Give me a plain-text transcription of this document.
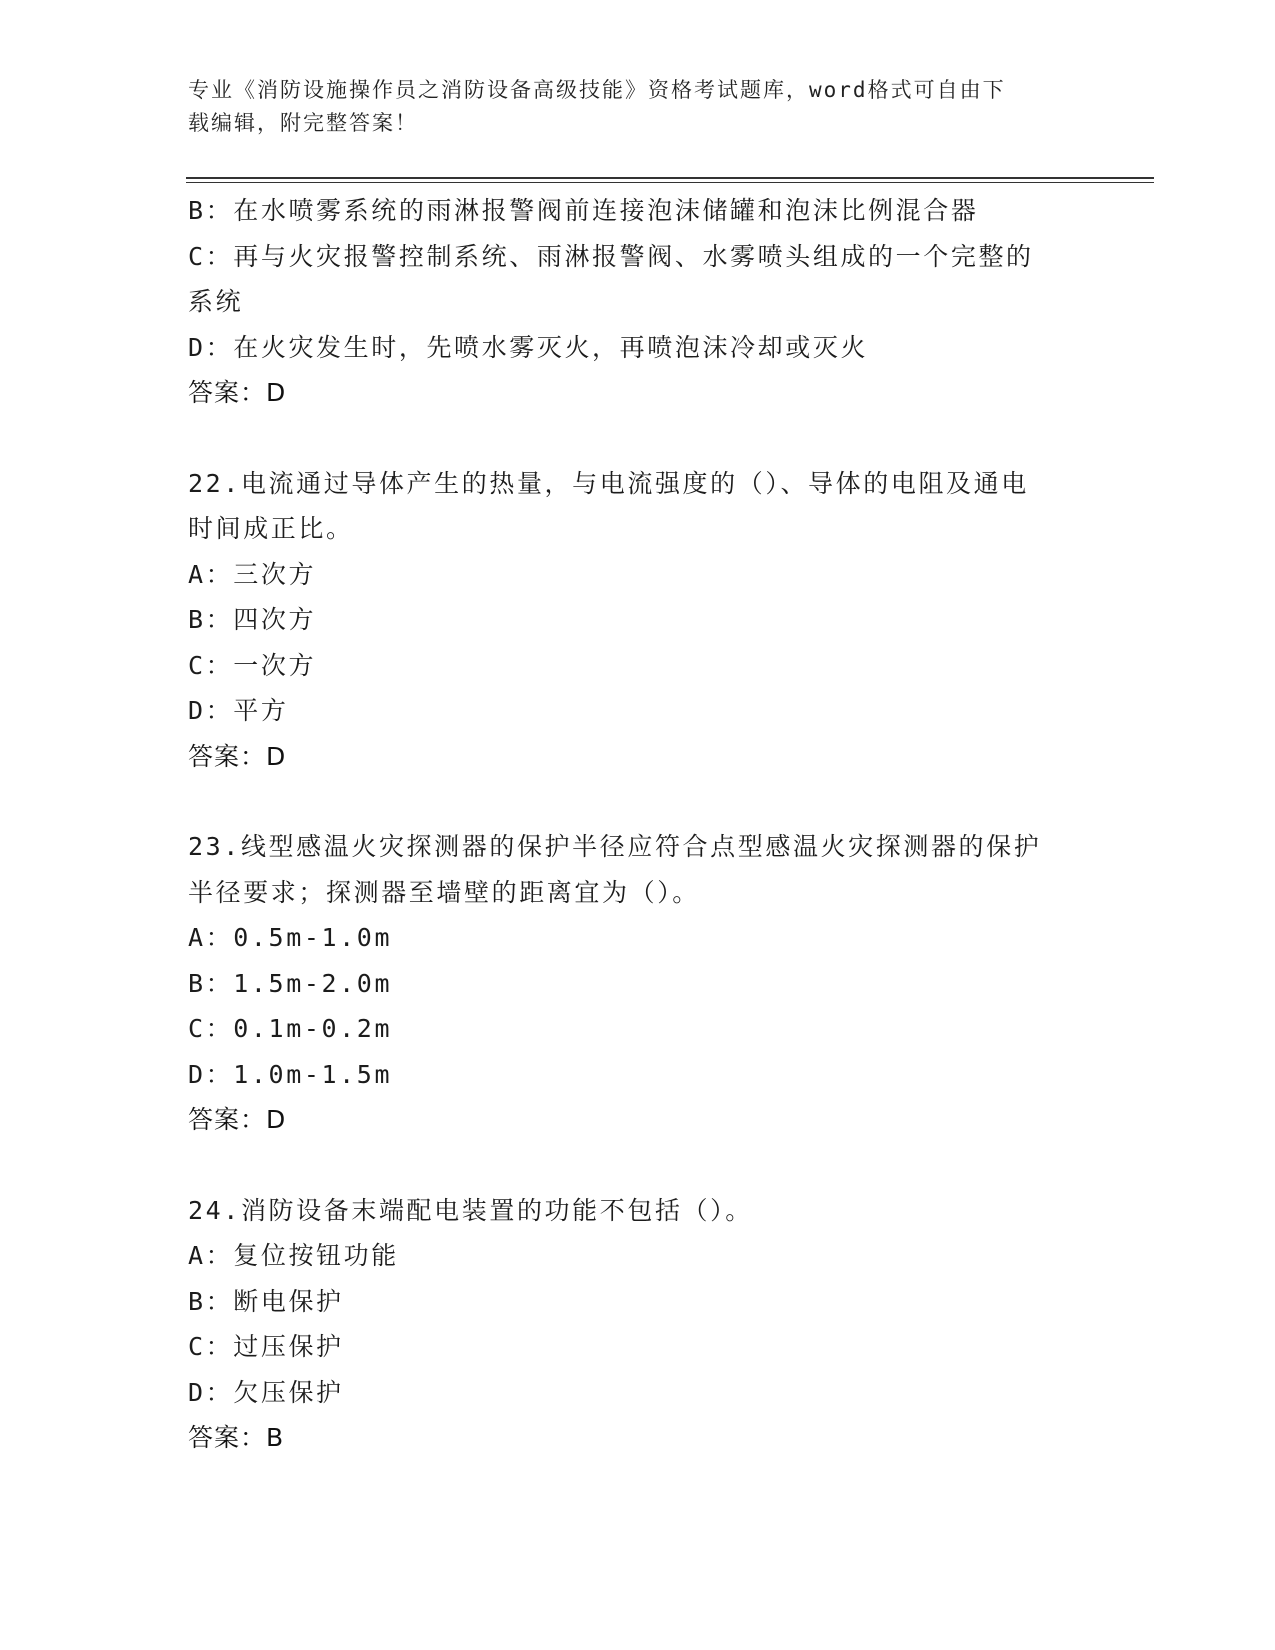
专业《消防设施操作员之消防设备高级技能》资格考试题库，word格式可自由下
载编辑，附完整答案！
B：在水喷雾系统的雨淋报警阀前连接泡沫储罐和泡沫比例混合器
C：再与火灾报警控制系统、雨淋报警阀、水雾喷头组成的一个完整的
系统
D：在火灾发生时，先喷水雾灭火，再喷泡沫冷却或灭火
答案：D
22.电流通过导体产生的热量，与电流强度的（）、导体的电阻及通电
时间成正比。
A：三次方
B：四次方
C：一次方
D：平方
答案：D
23.线型感温火灾探测器的保护半径应符合点型感温火灾探测器的保护
半径要求；探测器至墙壁的距离宜为（）。
A：0.5m-1.0m
B：1.5m-2.0m
C：0.1m-0.2m
D：1.0m-1.5m
答案：D
24.消防设备末端配电装置的功能不包括（）。
A：复位按钮功能
B：断电保护
C：过压保护
D：欠压保护
答案：B
